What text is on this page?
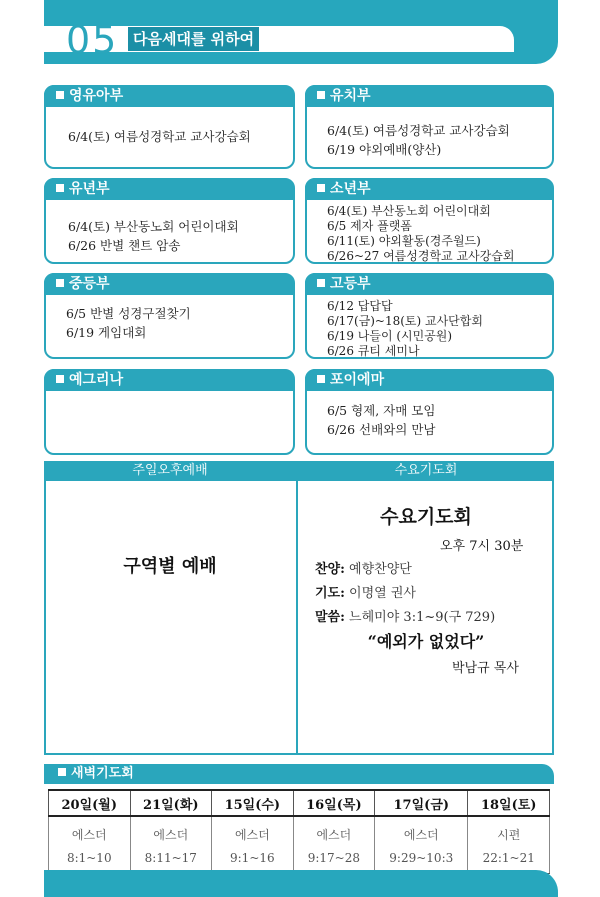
05 다음세대를 위하여
영유아부
6/4(토) 여름성경학교 교사강습회
유치부
6/4(토) 여름성경학교 교사강습회
6/19 야외예배(양산)
유년부
6/4(토) 부산동노회 어린이대회
6/26 반별 챈트 암송
소년부
6/4(토) 부산동노회 어린이대회
6/5 제자 플랫폼
6/11(토) 야외활동(경주월드)
6/26~27 여름성경학교 교사강습회
중등부
6/5 반별 성경구절찾기
6/19 게임대회
고등부
6/12 답답답
6/17(금)~18(토) 교사단합회
6/19 나들이 (시민공원)
6/26 큐티 세미나
예그리나	포이에마
6/5 형제, 자매 모임
6/26 선배와의 만남
주일오후예배	수요기도회
구역별 예배
수요기도회
오후 7시 30분
찬양: 예향찬양단
기도: 이명열 권사
말씀: 느헤미야 3:1~9(구 729)
“예외가 없었다”
박남규 목사
새벽기도회
20일(월)	21일(화)	15일(수)	16일(목)	17일(금)	18일(토)
에스더	에스더	에스더	에스더	에스더	시편
8:1~10	8:11~17	9:1~16	9:17~28	9:29~10:3	22:1~21
